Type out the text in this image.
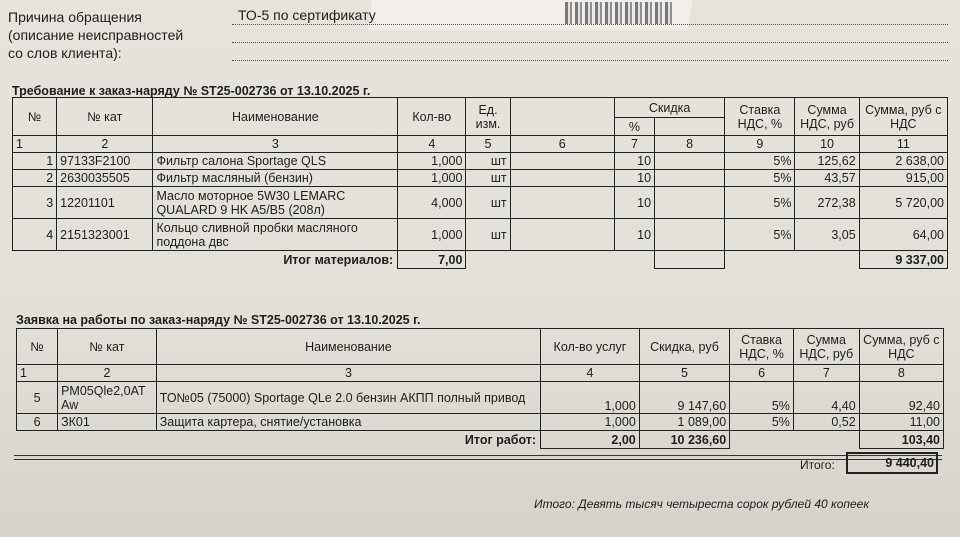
Причина обращения
(описание неисправностей
со слов клиента):
ТО-5 по сертификату
Требование к заказ-наряду № ST25-002736 от 13.10.2025 г.
№	№ кат	Наименование	Кол-во	Ед. изм.		Скидка		Ставка НДС, %	Сумма НДС, руб	Сумма, руб с НДС
						%				
1	2	3	4	5	6	7	8	9	10	11
1	97133F2100	Фильтр салона Sportage QLS	1,000	шт		10		5%	125,62	2 638,00
2	2630035505	Фильтр масляный (бензин)	1,000	шт		10		5%	43,57	915,00
3	12201101	Масло моторное 5W30 LEMARC QUALARD 9 HK A5/B5 (208л)	4,000	шт		10		5%	272,38	5 720,00
4	2151323001	Кольцо сливной пробки масляного поддона двс	1,000	шт		10		5%	3,05	64,00
Итог материалов:			7,00							9 337,00
Заявка на работы по заказ-наряду № ST25-002736 от 13.10.2025 г.
№	№ кат	Наименование	Кол-во услуг	Скидка, руб	Ставка НДС, %	Сумма НДС, руб	Сумма, руб с НДС
1	2	3	4	5	6	7	8
5	PM05Qle2,0ATAw	ТО№05 (75000) Sportage QLe 2.0 бензин АКПП полный привод	1,000	9 147,60	5%	4,40	92,40
6	ЗК01	Защита картера, снятие/установка	1,000	1 089,00	5%	0,52	11,00
Итог работ:			2,00	10 236,60			103,40
Итого:	9 440,40
Итого: Девять тысяч четыреста сорок рублей 40 копеек
